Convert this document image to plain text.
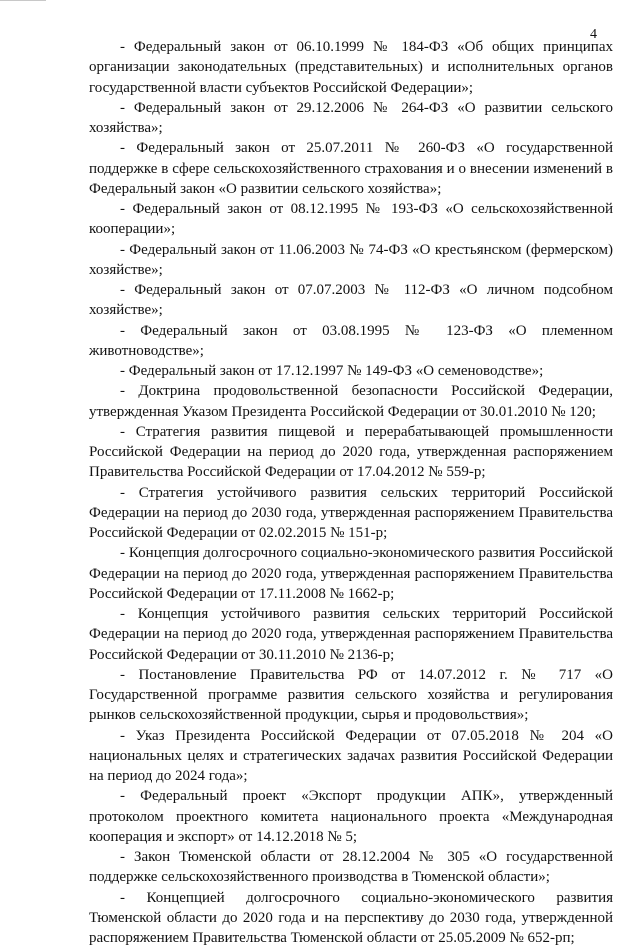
4

- Федеральный закон от 06.10.1999 № 184-ФЗ «Об общих принципах организации законодательных (представительных) и исполнительных органов государственной власти субъектов Российской Федерации»;

- Федеральный закон от 29.12.2006 № 264-ФЗ «О развитии сельского хозяйства»;

- Федеральный закон от 25.07.2011 № 260-ФЗ «О государственной поддержке в сфере сельскохозяйственного страхования и о внесении изменений в Федеральный закон «О развитии сельского хозяйства»;

- Федеральный закон от 08.12.1995 № 193-ФЗ «О сельскохозяйственной кооперации»;

- Федеральный закон от 11.06.2003 № 74-ФЗ «О крестьянском (фермерском) хозяйстве»;

- Федеральный закон от 07.07.2003 № 112-ФЗ «О личном подсобном хозяйстве»;

- Федеральный закон от 03.08.1995 № 123-ФЗ «О племенном животноводстве»;

- Федеральный закон от 17.12.1997 № 149-ФЗ «О семеноводстве»;

- Доктрина продовольственной безопасности Российской Федерации, утвержденная Указом Президента Российской Федерации от 30.01.2010 № 120;

- Стратегия развития пищевой и перерабатывающей промышленности Российской Федерации на период до 2020 года, утвержденная распоряжением Правительства Российской Федерации от 17.04.2012 № 559-р;

- Стратегия устойчивого развития сельских территорий Российской Федерации на период до 2030 года, утвержденная распоряжением Правительства Российской Федерации от 02.02.2015 № 151-р;

- Концепция долгосрочного социально-экономического развития Российской Федерации на период до 2020 года, утвержденная распоряжением Правительства Российской Федерации от 17.11.2008 № 1662-р;

- Концепция устойчивого развития сельских территорий Российской Федерации на период до 2020 года, утвержденная распоряжением Правительства Российской Федерации от 30.11.2010 № 2136-р;

- Постановление Правительства РФ от 14.07.2012 г. № 717 «О Государственной программе развития сельского хозяйства и регулирования рынков сельскохозяйственной продукции, сырья и продовольствия»;

- Указ Президента Российской Федерации от 07.05.2018 № 204 «О национальных целях и стратегических задачах развития Российской Федерации на период до 2024 года»;

- Федеральный проект «Экспорт продукции АПК», утвержденный протоколом проектного комитета национального проекта «Международная кооперация и экспорт» от 14.12.2018 № 5;

- Закон Тюменской области от 28.12.2004 № 305 «О государственной поддержке сельскохозяйственного производства в Тюменской области»;

- Концепцией долгосрочного социально-экономического развития Тюменской области до 2020 года и на перспективу до 2030 года, утвержденной распоряжением Правительства Тюменской области от 25.05.2009 № 652-рп;
